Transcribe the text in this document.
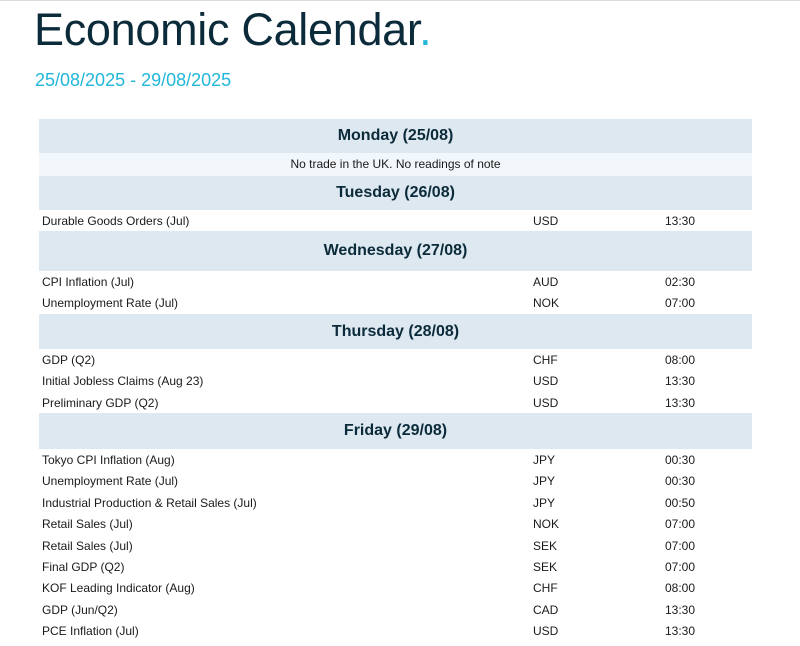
Economic Calendar.
25/08/2025 - 29/08/2025
Monday (25/08)
No trade in the UK. No readings of note
Tuesday (26/08)
Durable Goods Orders (Jul)	USD	13:30
Wednesday (27/08)
CPI Inflation (Jul)	AUD	02:30
Unemployment Rate (Jul)	NOK	07:00
Thursday (28/08)
GDP (Q2)	CHF	08:00
Initial Jobless Claims (Aug 23)	USD	13:30
Preliminary GDP (Q2)	USD	13:30
Friday (29/08)
Tokyo CPI Inflation (Aug)	JPY	00:30
Unemployment Rate (Jul)	JPY	00:30
Industrial Production & Retail Sales (Jul)	JPY	00:50
Retail Sales (Jul)	NOK	07:00
Retail Sales (Jul)	SEK	07:00
Final GDP (Q2)	SEK	07:00
KOF Leading Indicator (Aug)	CHF	08:00
GDP (Jun/Q2)	CAD	13:30
PCE Inflation (Jul)	USD	13:30
